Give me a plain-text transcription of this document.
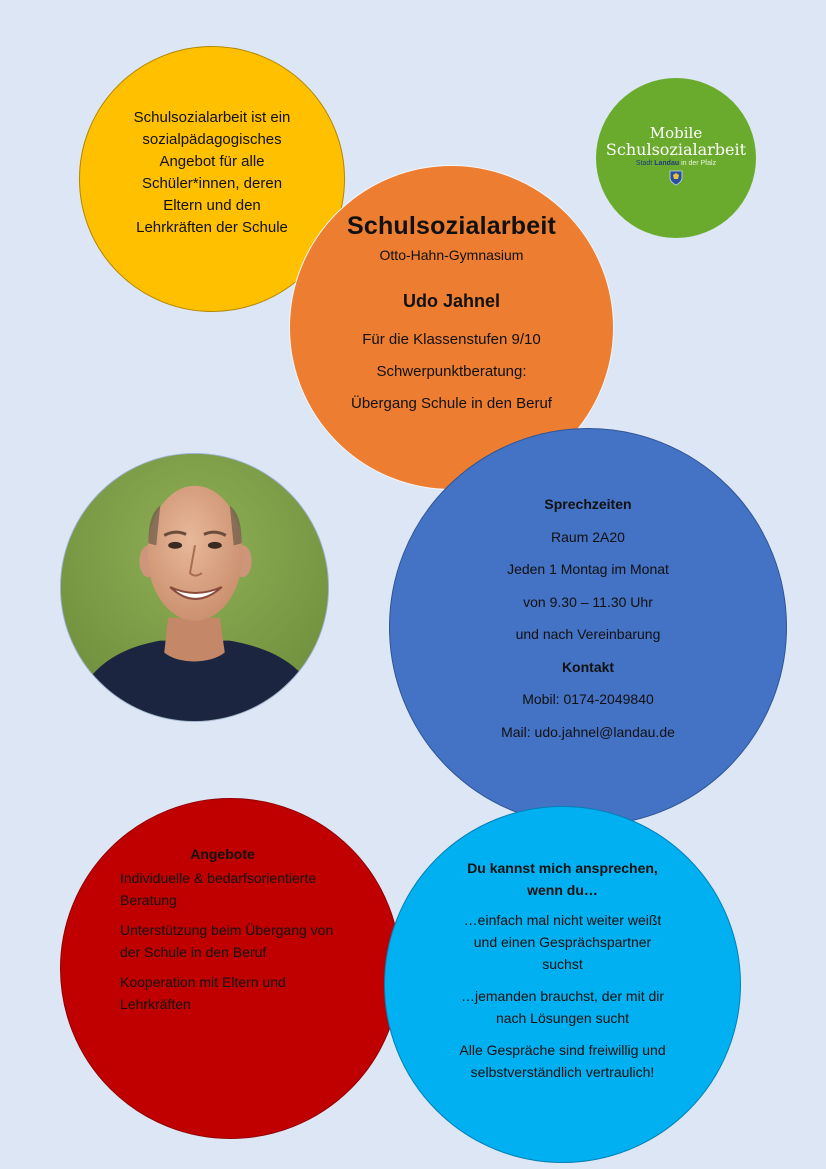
Schulsozialarbeit ist ein
sozialpädagogisches
Angebot für alle
Schüler*innen, deren
Eltern und den
Lehrkräften der Schule
Mobile
Schulsozialarbeit
Stadt Landau in der Pfalz
Schulsozialarbeit
Otto-Hahn-Gymnasium
Udo Jahnel
Für die Klassenstufen 9/10
Schwerpunktberatung:
Übergang Schule in den Beruf
Sprechzeiten
Raum 2A20
Jeden 1 Montag im Monat
von 9.30 – 11.30 Uhr
und nach Vereinbarung
Kontakt
Mobil: 0174-2049840
Mail: udo.jahnel@landau.de
Angebote
Individuelle & bedarfsorientierte Beratung
Unterstützung beim Übergang von der Schule in den Beruf
Kooperation mit Eltern und Lehrkräften
Du kannst mich ansprechen,
wenn du…
…einfach mal nicht weiter weißt
und einen Gesprächspartner
suchst
…jemanden brauchst, der mit dir
nach Lösungen sucht
Alle Gespräche sind freiwillig und
selbstverständlich vertraulich!
